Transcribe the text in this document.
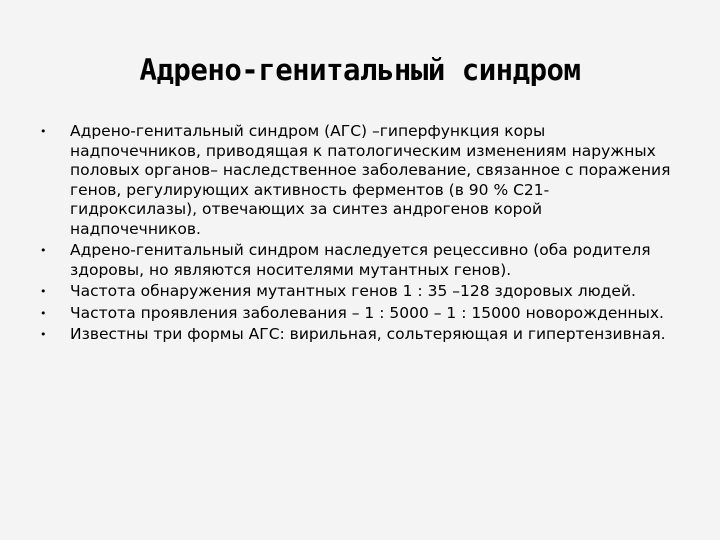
Адрено-генитальный синдром
• Адрено-генитальный синдром (АГС) –гиперфункция коры надпочечников, приводящая к патологическим изменениям наружных половых органов– наследственное заболевание, связанное с поражения генов, регулирующих активность ферментов (в 90 % С21-гидроксилазы), отвечающих за синтез андрогенов корой надпочечников.
• Адрено-генитальный синдром наследуется рецессивно (оба родителя здоровы, но являются носителями мутантных генов).
• Частота обнаружения мутантных генов 1 : 35 –128 здоровых людей.
• Частота проявления заболевания – 1 : 5000 – 1 : 15000 новорожденных.
• Известны три формы АГС: вирильная, сольтеряющая и гипертензивная.
